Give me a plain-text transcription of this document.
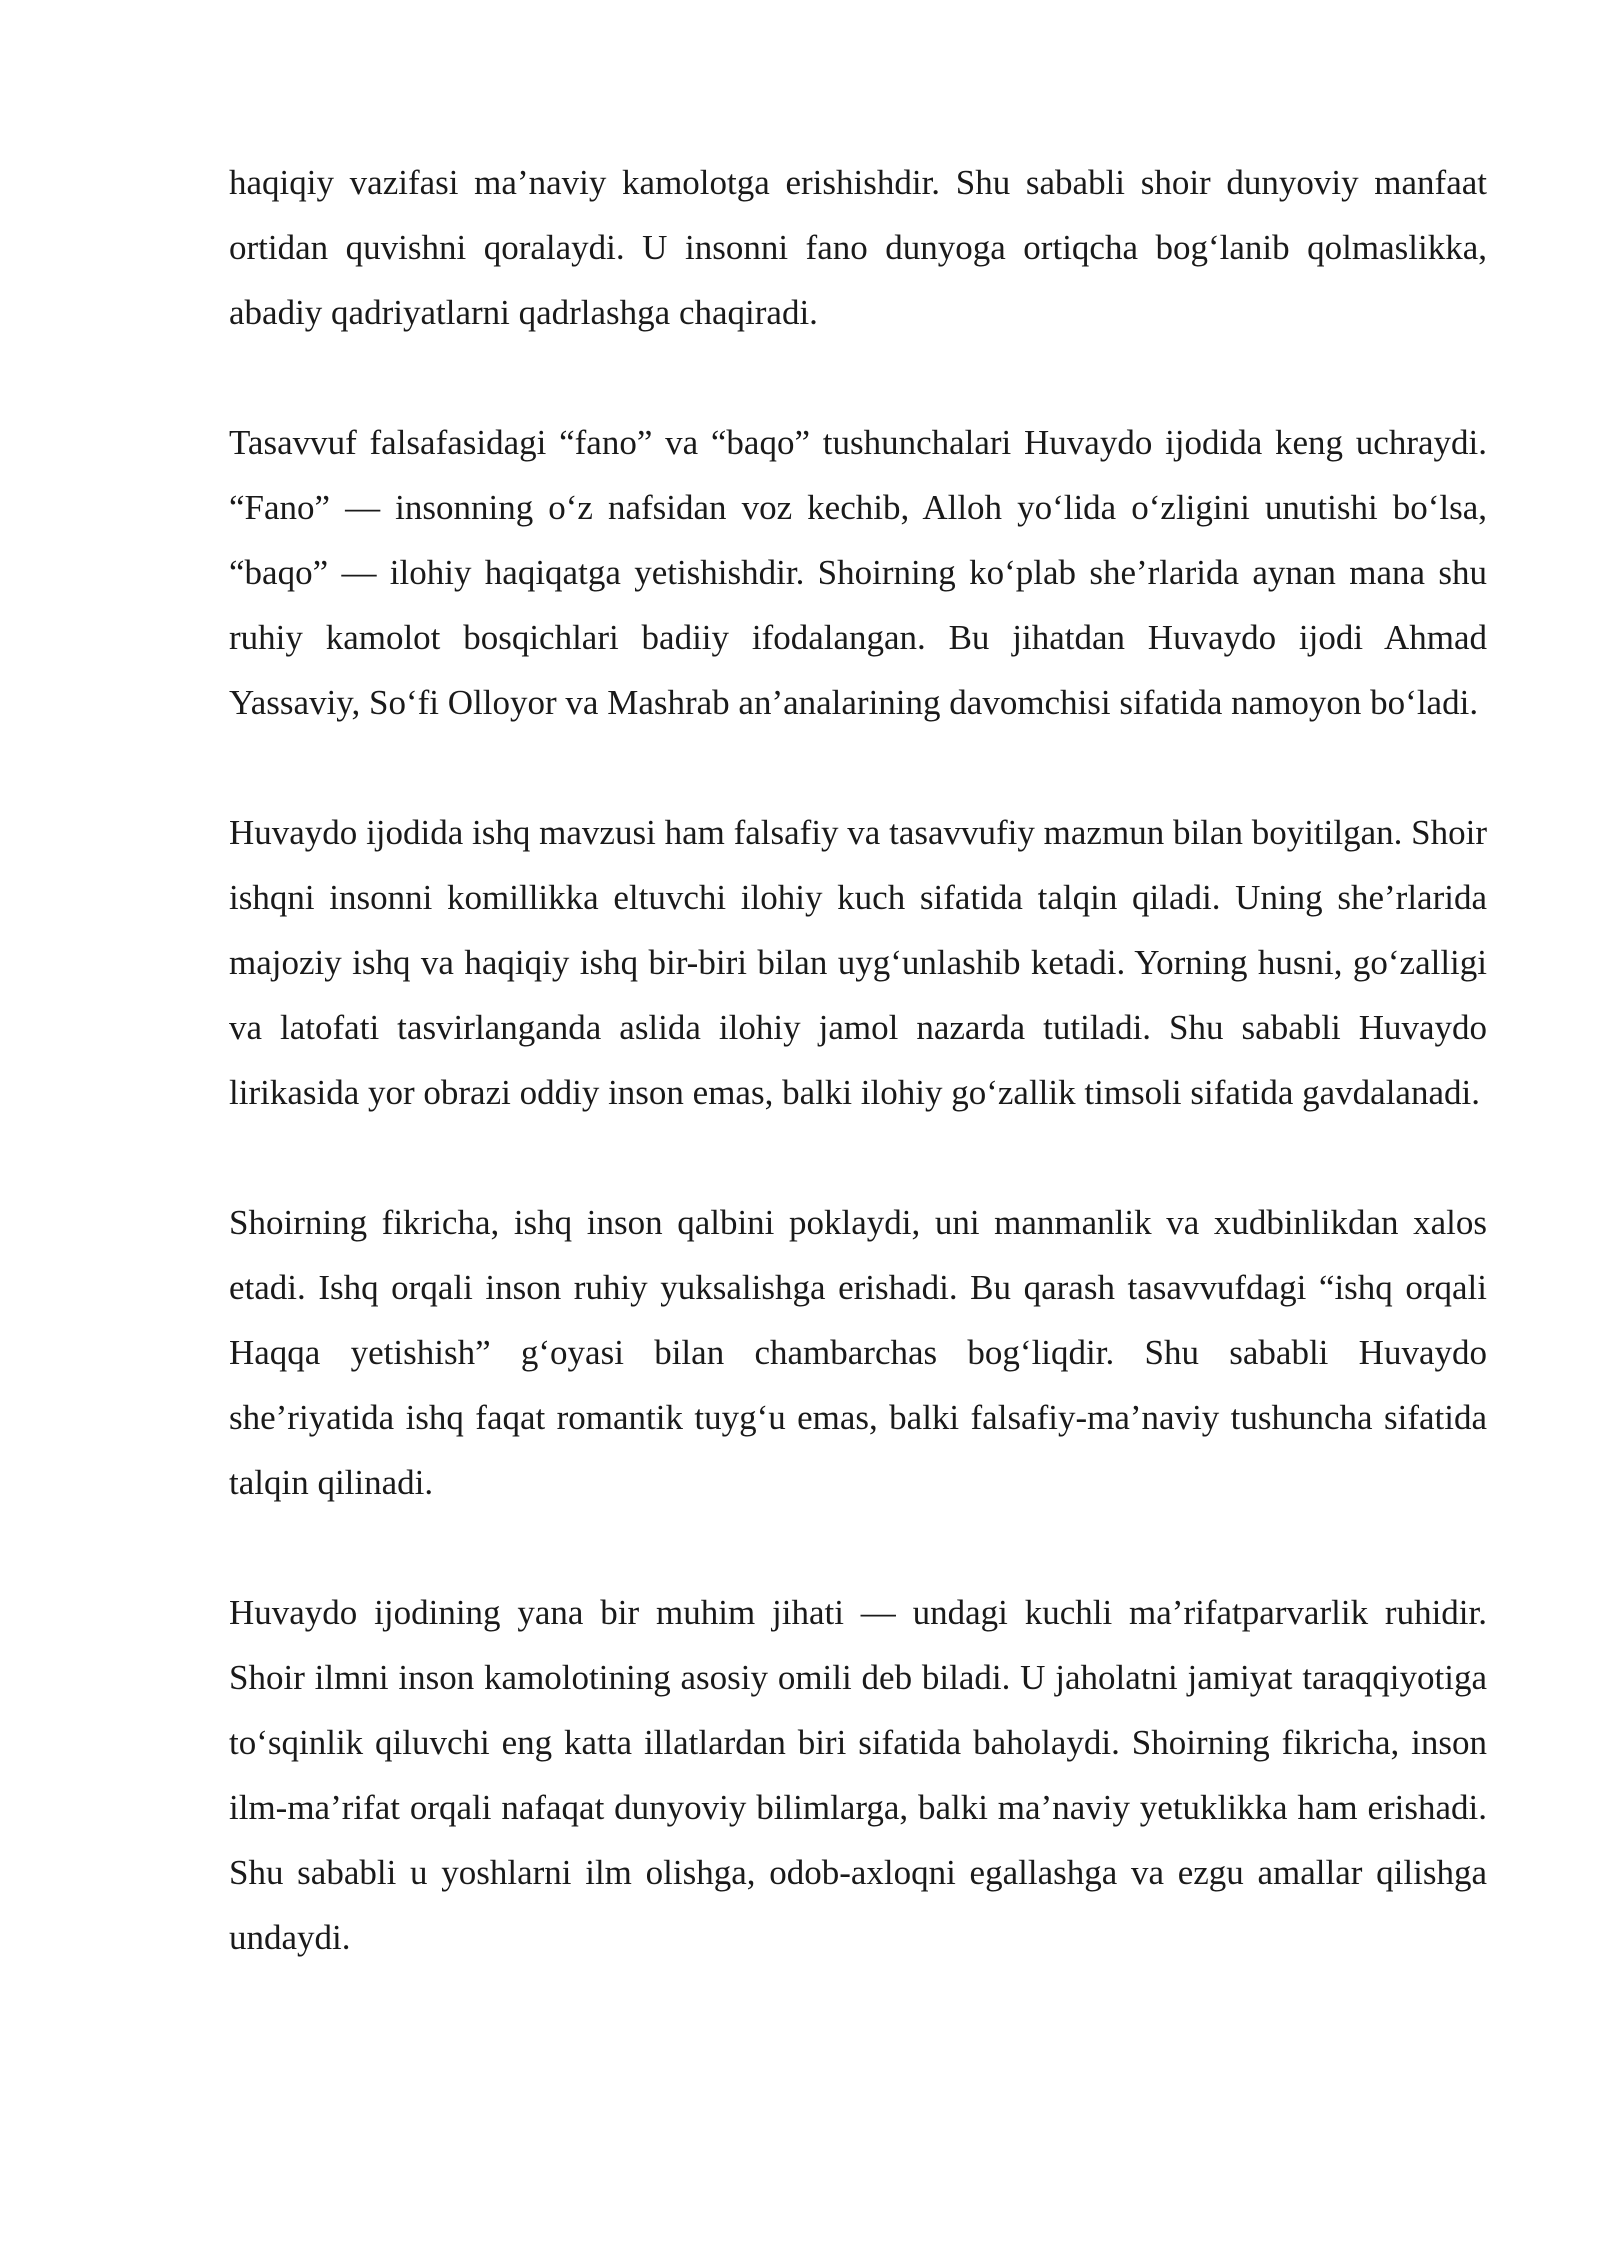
haqiqiy vazifasi ma’naviy kamolotga erishishdir. Shu sababli shoir dunyoviy manfaat ortidan quvishni qoralaydi. U insonni fano dunyoga ortiqcha bog‘lanib qolmaslikka, abadiy qadriyatlarni qadrlashga chaqiradi.

Tasavvuf falsafasidagi “fano” va “baqo” tushunchalari Huvaydo ijodida keng uchraydi. “Fano” — insonning o‘z nafsidan voz kechib, Alloh yo‘lida o‘zligini unutishi bo‘lsa, “baqo” — ilohiy haqiqatga yetishishdir. Shoirning ko‘plab she’rlarida aynan mana shu ruhiy kamolot bosqichlari badiiy ifodalangan. Bu jihatdan Huvaydo ijodi Ahmad Yassaviy, So‘fi Olloyor va Mashrab an’analarining davomchisi sifatida namoyon bo‘ladi.

Huvaydo ijodida ishq mavzusi ham falsafiy va tasavvufiy mazmun bilan boyitilgan. Shoir ishqni insonni komillikka eltuvchi ilohiy kuch sifatida talqin qiladi. Uning she’rlarida majoziy ishq va haqiqiy ishq bir-biri bilan uyg‘unlashib ketadi. Yorning husni, go‘zalligi va latofati tasvirlanganda aslida ilohiy jamol nazarda tutiladi. Shu sababli Huvaydo lirikasida yor obrazi oddiy inson emas, balki ilohiy go‘zallik timsoli sifatida gavdalanadi.

Shoirning fikricha, ishq inson qalbini poklaydi, uni manmanlik va xudbinlikdan xalos etadi. Ishq orqali inson ruhiy yuksalishga erishadi. Bu qarash tasavvufdagi “ishq orqali Haqqa yetishish” g‘oyasi bilan chambarchas bog‘liqdir. Shu sababli Huvaydo she’riyatida ishq faqat romantik tuyg‘u emas, balki falsafiy-ma’naviy tushuncha sifatida talqin qilinadi.

Huvaydo ijodining yana bir muhim jihati — undagi kuchli ma’rifatparvarlik ruhidir. Shoir ilmni inson kamolotining asosiy omili deb biladi. U jaholatni jamiyat taraqqiyotiga to‘sqinlik qiluvchi eng katta illatlardan biri sifatida baholaydi. Shoirning fikricha, inson ilm-ma’rifat orqali nafaqat dunyoviy bilimlarga, balki ma’naviy yetuklikka ham erishadi. Shu sababli u yoshlarni ilm olishga, odob-axloqni egallashga va ezgu amallar qilishga undaydi.
